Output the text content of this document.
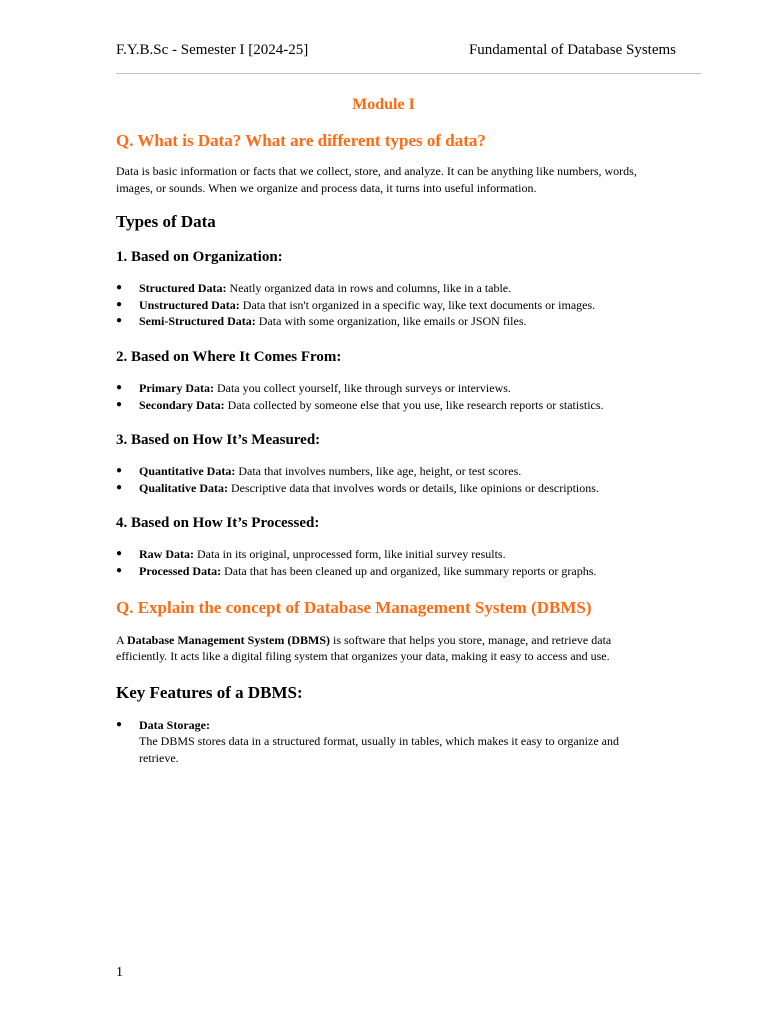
F.Y.B.Sc - Semester I [2024-25]	Fundamental of Database Systems
Module I
Q. What is Data? What are different types of data?

Data is basic information or facts that we collect, store, and analyze. It can be anything like numbers, words, images, or sounds. When we organize and process data, it turns into useful information.

Types of Data
1. Based on Organization:
● Structured Data: Neatly organized data in rows and columns, like in a table.
● Unstructured Data: Data that isn't organized in a specific way, like text documents or images.
● Semi-Structured Data: Data with some organization, like emails or JSON files.
2. Based on Where It Comes From:
● Primary Data: Data you collect yourself, like through surveys or interviews.
● Secondary Data: Data collected by someone else that you use, like research reports or statistics.
3. Based on How It’s Measured:
● Quantitative Data: Data that involves numbers, like age, height, or test scores.
● Qualitative Data: Descriptive data that involves words or details, like opinions or descriptions.
4. Based on How It’s Processed:
● Raw Data: Data in its original, unprocessed form, like initial survey results.
● Processed Data: Data that has been cleaned up and organized, like summary reports or graphs.
Q. Explain the concept of Database Management System (DBMS)

A Database Management System (DBMS) is software that helps you store, manage, and retrieve data efficiently. It acts like a digital filing system that organizes your data, making it easy to access and use.

Key Features of a DBMS:
● Data Storage:
The DBMS stores data in a structured format, usually in tables, which makes it easy to organize and retrieve.
1
